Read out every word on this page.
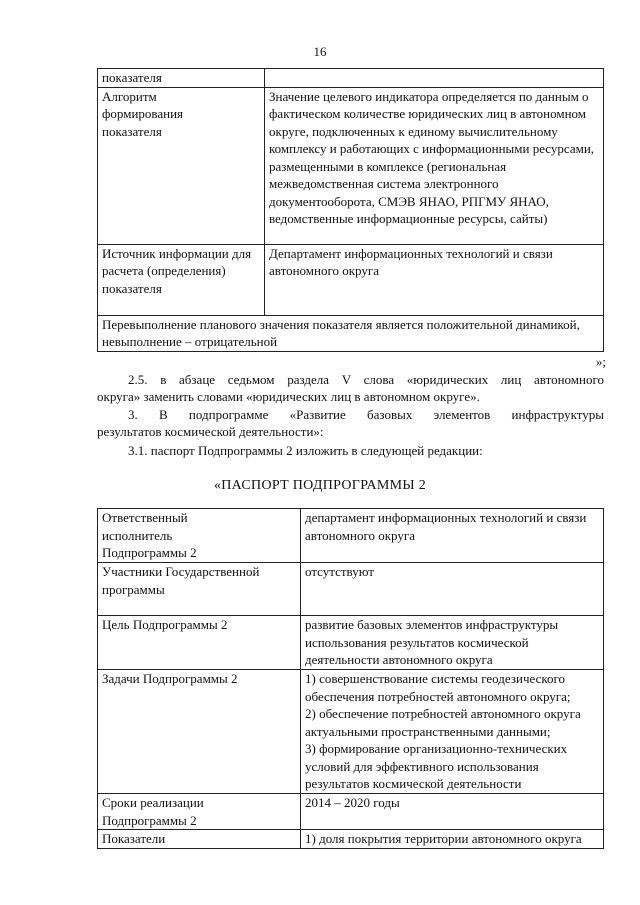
16
показателя	
Алгоритм формирования показателя	Значение целевого индикатора определяется по данным о фактическом количестве юридических лиц в автономном округе, подключенных к единому вычислительному комплексу и работающих с информационными ресурсами, размещенными в комплексе (региональная межведомственная система электронного документооборота, СМЭВ ЯНАО, РПГМУ ЯНАО, ведомственные информационные ресурсы, сайты)
Источник информации для расчета (определения) показателя	Департамент информационных технологий и связи автономного округа
Перевыполнение планового значения показателя является положительной динамикой, невыполнение – отрицательной	
»;
2.5. в абзаце седьмом раздела V слова «юридических лиц автономного
округа» заменить словами «юридических лиц в автономном округе».
3. В подпрограмме «Развитие базовых элементов инфраструктуры
результатов космической деятельности»:
3.1. паспорт Подпрограммы 2 изложить в следующей редакции:
«ПАСПОРТ ПОДПРОГРАММЫ 2
Ответственный исполнитель Подпрограммы 2	департамент информационных технологий и связи автономного округа
Участники Государственной программы	отсутствуют
Цель Подпрограммы 2	развитие базовых элементов инфраструктуры использования результатов космической деятельности автономного округа
Задачи Подпрограммы 2	1) совершенствование системы геодезического обеспечения потребностей автономного округа;
2) обеспечение потребностей автономного округа актуальными пространственными данными;
3) формирование организационно-технических условий для эффективного использования результатов космической деятельности
Сроки реализации Подпрограммы 2	2014 – 2020 годы
Показатели	1) доля покрытия территории автономного округа
